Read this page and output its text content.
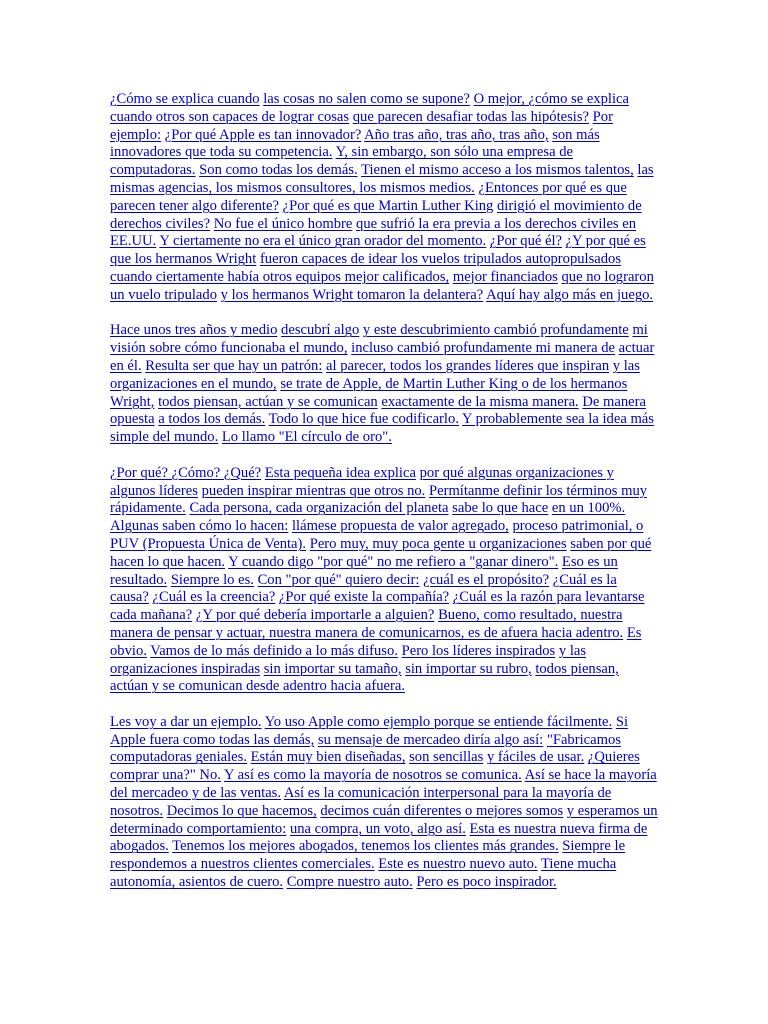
¿Cómo se explica cuando las cosas no salen como se supone? O mejor, ¿cómo se explica cuando otros son capaces de lograr cosas que parecen desafiar todas las hipótesis? Por ejemplo: ¿Por qué Apple es tan innovador? Año tras año, tras año, tras año, son más innovadores que toda su competencia. Y, sin embargo, son sólo una empresa de computadoras. Son como todas los demás. Tienen el mismo acceso a los mismos talentos, las mismas agencias, los mismos consultores, los mismos medios. ¿Entonces por qué es que parecen tener algo diferente? ¿Por qué es que Martin Luther King dirigió el movimiento de derechos civiles? No fue el único hombre que sufrió la era previa a los derechos civiles en EE.UU. Y ciertamente no era el único gran orador del momento. ¿Por qué él? ¿Y por qué es que los hermanos Wright fueron capaces de idear los vuelos tripulados autopropulsados cuando ciertamente había otros equipos mejor calificados, mejor financiados que no lograron un vuelo tripulado y los hermanos Wright tomaron la delantera? Aquí hay algo más en juego.

Hace unos tres años y medio descubrí algo y este descubrimiento cambió profundamente mi visión sobre cómo funcionaba el mundo, incluso cambió profundamente mi manera de actuar en él. Resulta ser que hay un patrón: al parecer, todos los grandes líderes que inspiran y las organizaciones en el mundo, se trate de Apple, de Martin Luther King o de los hermanos Wright, todos piensan, actúan y se comunican exactamente de la misma manera. De manera opuesta a todos los demás. Todo lo que hice fue codificarlo. Y probablemente sea la idea más simple del mundo. Lo llamo "El círculo de oro".

¿Por qué? ¿Cómo? ¿Qué? Esta pequeña idea explica por qué algunas organizaciones y algunos líderes pueden inspirar mientras que otros no. Permítanme definir los términos muy rápidamente. Cada persona, cada organización del planeta sabe lo que hace en un 100%. Algunas saben cómo lo hacen: llámese propuesta de valor agregado, proceso patrimonial, o PUV (Propuesta Única de Venta). Pero muy, muy poca gente u organizaciones saben por qué hacen lo que hacen. Y cuando digo "por qué" no me refiero a "ganar dinero". Eso es un resultado. Siempre lo es. Con "por qué" quiero decir: ¿cuál es el propósito? ¿Cuál es la causa? ¿Cuál es la creencia? ¿Por qué existe la compañía? ¿Cuál es la razón para levantarse cada mañana? ¿Y por qué debería importarle a alguien? Bueno, como resultado, nuestra manera de pensar y actuar, nuestra manera de comunicarnos, es de afuera hacia adentro. Es obvio. Vamos de lo más definido a lo más difuso. Pero los líderes inspirados y las organizaciones inspiradas sin importar su tamaño, sin importar su rubro, todos piensan, actúan y se comunican desde adentro hacia afuera.

Les voy a dar un ejemplo. Yo uso Apple como ejemplo porque se entiende fácilmente. Si Apple fuera como todas las demás, su mensaje de mercadeo diría algo así: "Fabricamos computadoras geniales. Están muy bien diseñadas, son sencillas y fáciles de usar. ¿Quieres comprar una?" No. Y así es como la mayoría de nosotros se comunica. Así se hace la mayoría del mercadeo y de las ventas. Así es la comunicación interpersonal para la mayoría de nosotros. Decimos lo que hacemos, decimos cuán diferentes o mejores somos y esperamos un determinado comportamiento: una compra, un voto, algo así. Esta es nuestra nueva firma de abogados. Tenemos los mejores abogados, tenemos los clientes más grandes. Siempre le respondemos a nuestros clientes comerciales. Este es nuestro nuevo auto. Tiene mucha autonomía, asientos de cuero. Compre nuestro auto. Pero es poco inspirador.
